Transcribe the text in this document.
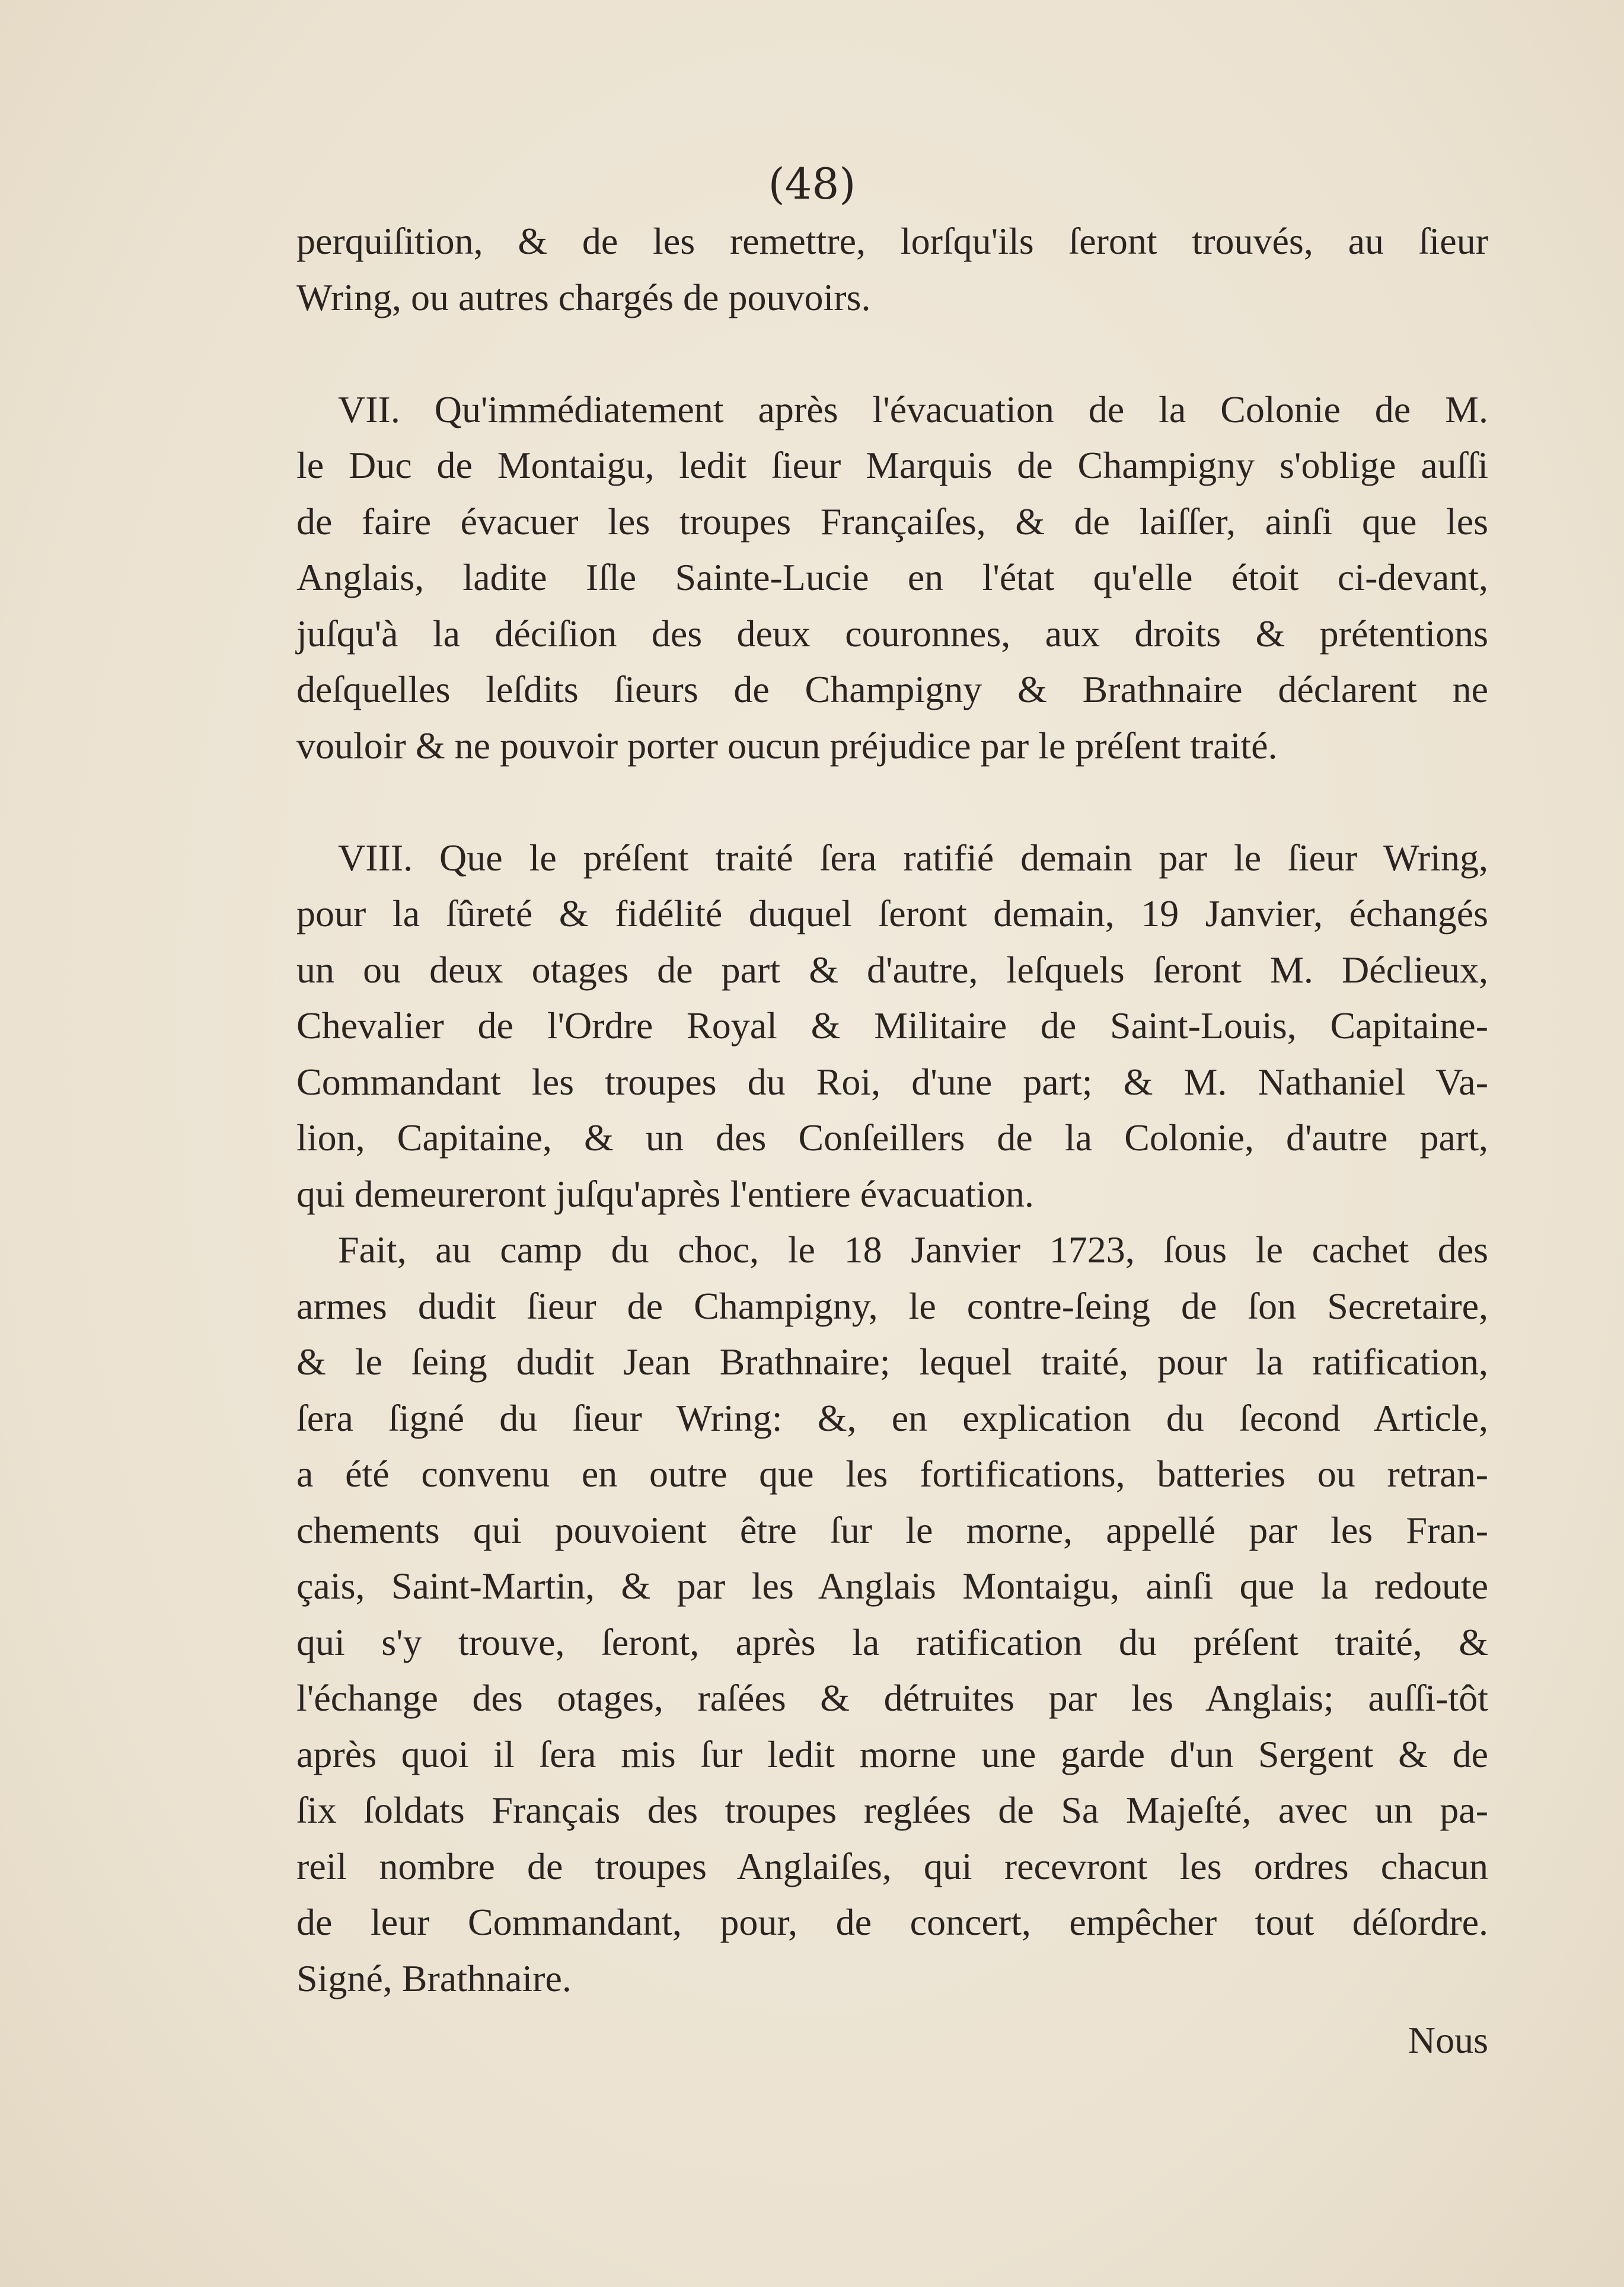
(48)
perquiſition, & de les remettre, lorſqu'ils ſeront trouvés, au ſieur
Wring, ou autres chargés de pouvoirs.
VII. Qu'immédiatement après l'évacuation de la Colonie de M.
le Duc de Montaigu, ledit ſieur Marquis de Champigny s'oblige auſſi
de faire évacuer les troupes Françaiſes, & de laiſſer, ainſi que les
Anglais, ladite Iſle Sainte-Lucie en l'état qu'elle étoit ci-devant,
juſqu'à la déciſion des deux couronnes, aux droits & prétentions
deſquelles leſdits ſieurs de Champigny & Brathnaire déclarent ne
vouloir & ne pouvoir porter oucun préjudice par le préſent traité.
VIII. Que le préſent traité ſera ratifié demain par le ſieur Wring,
pour la ſûreté & fidélité duquel ſeront demain, 19 Janvier, échangés
un ou deux otages de part & d'autre, leſquels ſeront M. Déclieux,
Chevalier de l'Ordre Royal & Militaire de Saint-Louis, Capitaine-
Commandant les troupes du Roi, d'une part; & M. Nathaniel Va-
lion, Capitaine, & un des Conſeillers de la Colonie, d'autre part,
qui demeureront juſqu'après l'entiere évacuation.
Fait, au camp du choc, le 18 Janvier 1723, ſous le cachet des
armes dudit ſieur de Champigny, le contre-ſeing de ſon Secretaire,
& le ſeing dudit Jean Brathnaire; lequel traité, pour la ratification,
ſera ſigné du ſieur Wring: &, en explication du ſecond Article,
a été convenu en outre que les fortifications, batteries ou retran-
chements qui pouvoient être ſur le morne, appellé par les Fran-
çais, Saint-Martin, & par les Anglais Montaigu, ainſi que la redoute
qui s'y trouve, ſeront, après la ratification du préſent traité, &
l'échange des otages, raſées & détruites par les Anglais; auſſi-tôt
après quoi il ſera mis ſur ledit morne une garde d'un Sergent & de
ſix ſoldats Français des troupes reglées de Sa Majeſté, avec un pa-
reil nombre de troupes Anglaiſes, qui recevront les ordres chacun
de leur Commandant, pour, de concert, empêcher tout déſordre.
Signé, Brathnaire.
Nous
